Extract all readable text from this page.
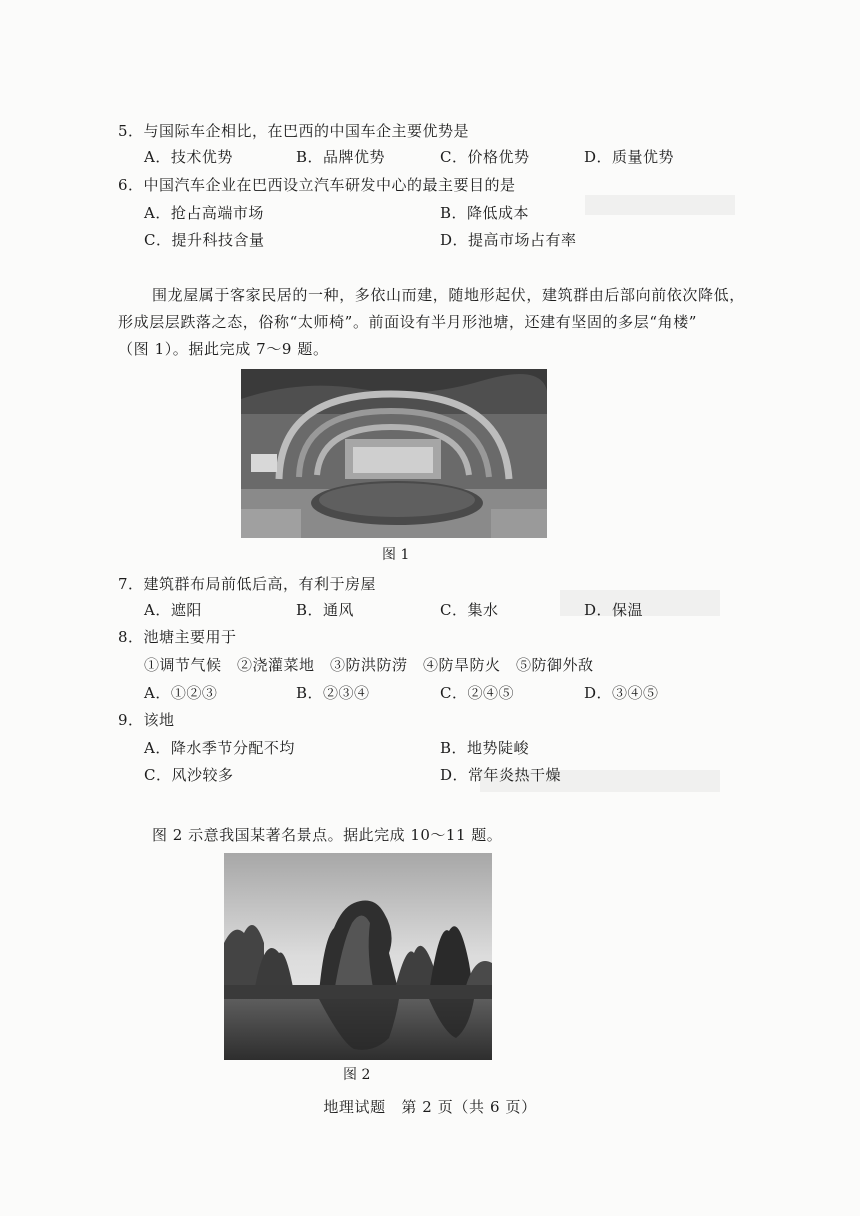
5．与国际车企相比，在巴西的中国车企主要优势是
A．技术优势	B．品牌优势	C．价格优势	D．质量优势
6．中国汽车企业在巴西设立汽车研发中心的最主要目的是
A．抢占高端市场	B．降低成本
C．提升科技含量	D．提高市场占有率
围龙屋属于客家民居的一种，多依山而建，随地形起伏，建筑群由后部向前依次降低，
形成层层跌落之态，俗称“太师椅”。前面设有半月形池塘，还建有坚固的多层“角楼”
（图 1）。据此完成 7～9 题。
图 1
7．建筑群布局前低后高，有利于房屋
A．遮阳	B．通风	C．集水	D．保温
8．池塘主要用于
①调节气候　②浇灌菜地　③防洪防涝　④防旱防火　⑤防御外敌
A．①②③	B．②③④	C．②④⑤	D．③④⑤
9．该地
A．降水季节分配不均	B．地势陡峻
C．风沙较多	D．常年炎热干燥
图 2 示意我国某著名景点。据此完成 10～11 题。
图 2
地理试题　第 2 页（共 6 页）
